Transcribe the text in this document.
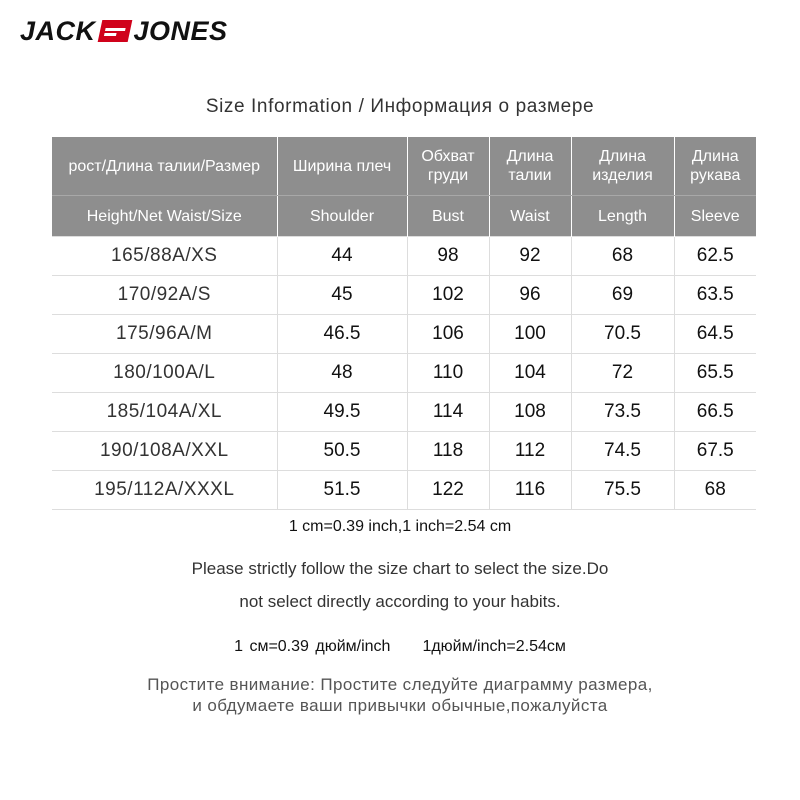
JACK JONES
Size Information / Информация о размере
рост/Длина талии/Размер	Ширина плеч	Обхват груди	Длина талии	Длина изделия	Длина рукава
Height/Net Waist/Size	Shoulder	Bust	Waist	Length	Sleeve
165/88A/XS	44	98	92	68	62.5
170/92A/S	45	102	96	69	63.5
175/96A/M	46.5	106	100	70.5	64.5
180/100A/L	48	110	104	72	65.5
185/104A/XL	49.5	114	108	73.5	66.5
190/108A/XXL	50.5	118	112	74.5	67.5
195/112A/XXXL	51.5	122	116	75.5	68
1 cm=0.39 inch,1 inch=2.54 cm
Please strictly follow the size chart to select the size.Do
not select directly according to your habits.
1 см=0.39 дюйм/inch 1дюйм/inch=2.54см
Простите внимание: Простите следуйте диаграмму размера,
и обдумаете ваши привычки обычные,пожалуйста
